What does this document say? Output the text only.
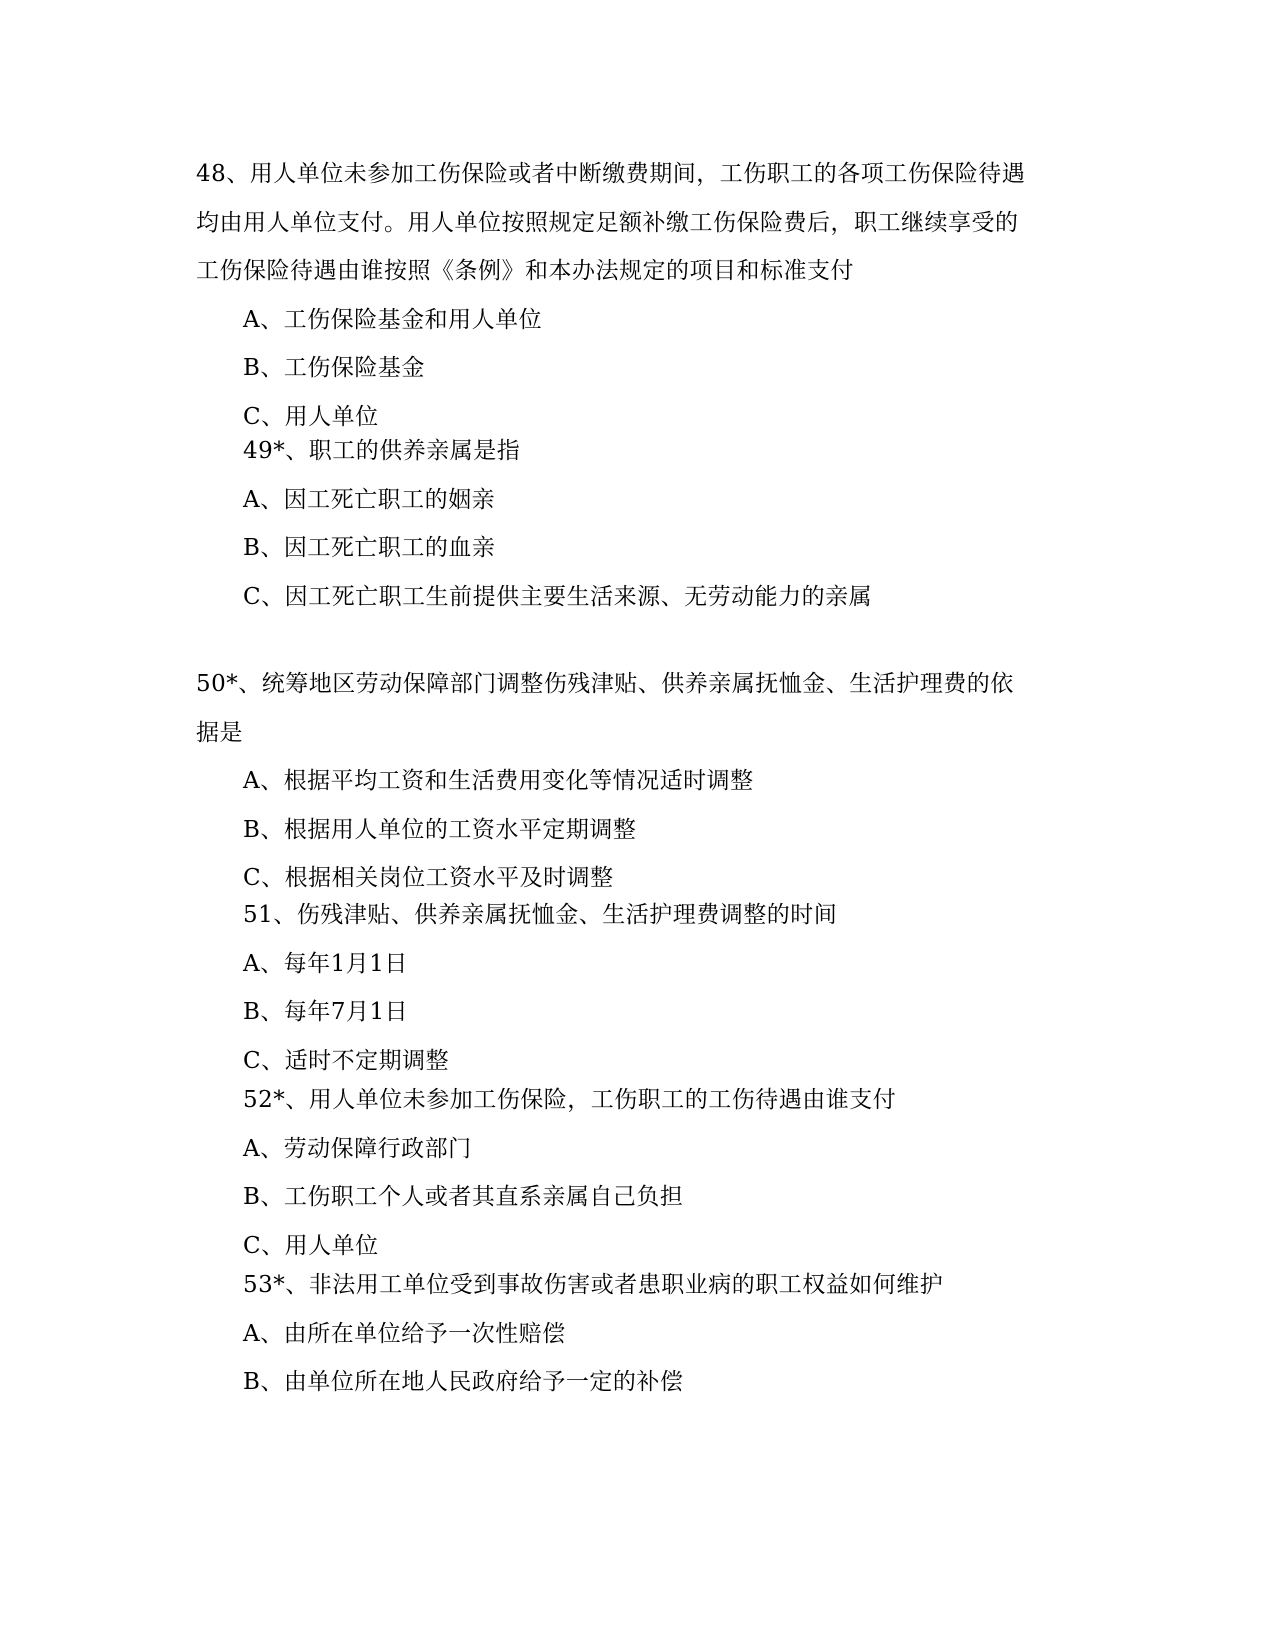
48、用人单位未参加工伤保险或者中断缴费期间，工伤职工的各项工伤保险待遇
均由用人单位支付。用人单位按照规定足额补缴工伤保险费后，职工继续享受的
工伤保险待遇由谁按照《条例》和本办法规定的项目和标准支付
A、工伤保险基金和用人单位
B、工伤保险基金
C、用人单位
49*、职工的供养亲属是指
A、因工死亡职工的姻亲
B、因工死亡职工的血亲
C、因工死亡职工生前提供主要生活来源、无劳动能力的亲属
50*、统筹地区劳动保障部门调整伤残津贴、供养亲属抚恤金、生活护理费的依
据是
A、根据平均工资和生活费用变化等情况适时调整
B、根据用人单位的工资水平定期调整
C、根据相关岗位工资水平及时调整
51、伤残津贴、供养亲属抚恤金、生活护理费调整的时间
A、每年1月1日
B、每年7月1日
C、适时不定期调整
52*、用人单位未参加工伤保险，工伤职工的工伤待遇由谁支付
A、劳动保障行政部门
B、工伤职工个人或者其直系亲属自己负担
C、用人单位
53*、非法用工单位受到事故伤害或者患职业病的职工权益如何维护
A、由所在单位给予一次性赔偿
B、由单位所在地人民政府给予一定的补偿
